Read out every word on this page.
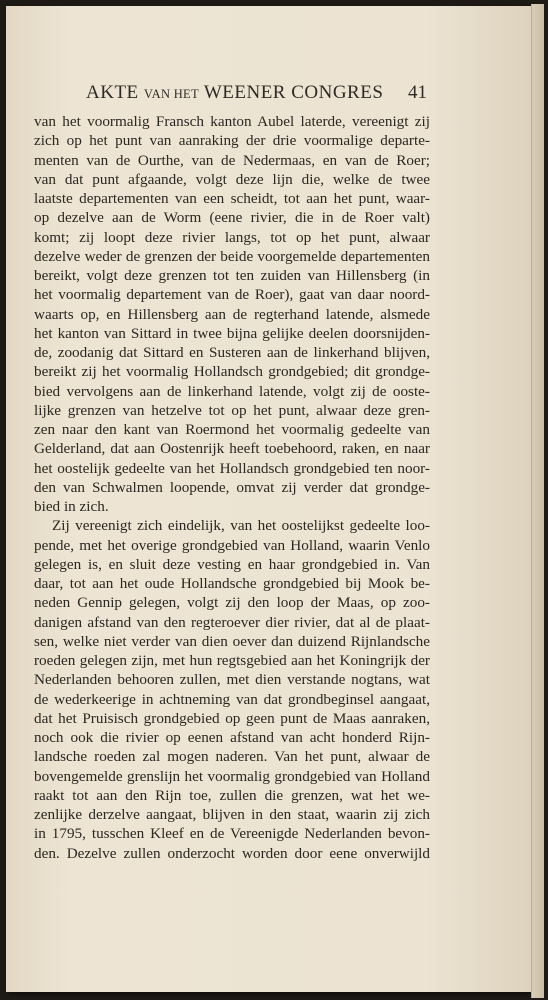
AKTE VAN HET WEENER CONGRES 41
van het voormalig Fransch kanton Aubel laterde, vereenigt zij
zich op het punt van aanraking der drie voormalige departe-
menten van de Ourthe, van de Nedermaas, en van de Roer;
van dat punt afgaande, volgt deze lijn die, welke de twee
laatste departementen van een scheidt, tot aan het punt, waar-
op dezelve aan de Worm (eene rivier, die in de Roer valt)
komt; zij loopt deze rivier langs, tot op het punt, alwaar
dezelve weder de grenzen der beide voorgemelde departementen
bereikt, volgt deze grenzen tot ten zuiden van Hillensberg (in
het voormalig departement van de Roer), gaat van daar noord-
waarts op, en Hillensberg aan de regterhand latende, alsmede
het kanton van Sittard in twee bijna gelijke deelen doorsnijden-
de, zoodanig dat Sittard en Susteren aan de linkerhand blijven,
bereikt zij het voormalig Hollandsch grondgebied; dit grondge-
bied vervolgens aan de linkerhand latende, volgt zij de ooste-
lijke grenzen van hetzelve tot op het punt, alwaar deze gren-
zen naar den kant van Roermond het voormalig gedeelte van
Gelderland, dat aan Oostenrijk heeft toebehoord, raken, en naar
het oostelijk gedeelte van het Hollandsch grondgebied ten noor-
den van Schwalmen loopende, omvat zij verder dat grondge-
bied in zich.
Zij vereenigt zich eindelijk, van het oostelijkst gedeelte loo-
pende, met het overige grondgebied van Holland, waarin Venlo
gelegen is, en sluit deze vesting en haar grondgebied in. Van
daar, tot aan het oude Hollandsche grondgebied bij Mook be-
neden Gennip gelegen, volgt zij den loop der Maas, op zoo-
danigen afstand van den regteroever dier rivier, dat al de plaat-
sen, welke niet verder van dien oever dan duizend Rijnlandsche
roeden gelegen zijn, met hun regtsgebied aan het Koningrijk der
Nederlanden behooren zullen, met dien verstande nogtans, wat
de wederkeerige in achtneming van dat grondbeginsel aangaat,
dat het Pruisisch grondgebied op geen punt de Maas aanraken,
noch ook die rivier op eenen afstand van acht honderd Rijn-
landsche roeden zal mogen naderen. Van het punt, alwaar de
bovengemelde grenslijn het voormalig grondgebied van Holland
raakt tot aan den Rijn toe, zullen die grenzen, wat het we-
zenlijke derzelve aangaat, blijven in den staat, waarin zij zich
in 1795, tusschen Kleef en de Vereenigde Nederlanden bevon-
den. Dezelve zullen onderzocht worden door eene onverwijld
